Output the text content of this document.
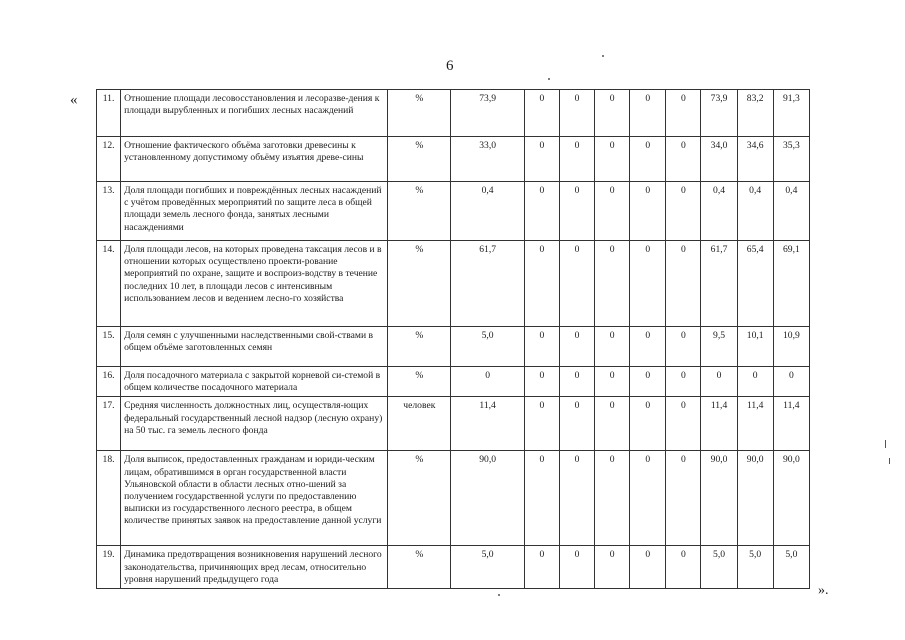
6
«
».
11.	Отношение площади лесовосстановления и лесоразве-дения к площади вырубленных и погибших лесных насаждений	%	73,9	0	0	0	0	0	73,9	83,2	91,3
12.	Отношение фактического объёма заготовки древесины к установленному допустимому объёму изъятия древе-сины	%	33,0	0	0	0	0	0	34,0	34,6	35,3
13.	Доля площади погибших и повреждённых лесных насаждений с учётом проведённых мероприятий по защите леса в общей площади земель лесного фонда, занятых лесными насаждениями	%	0,4	0	0	0	0	0	0,4	0,4	0,4
14.	Доля площади лесов, на которых проведена таксация лесов и в отношении которых осуществлено проекти-рование мероприятий по охране, защите и воспроиз-водству в течение последних 10 лет, в площади лесов с интенсивным использованием лесов и ведением лесно-го хозяйства	%	61,7	0	0	0	0	0	61,7	65,4	69,1
15.	Доля семян с улучшенными наследственными свой-ствами в общем объёме заготовленных семян	%	5,0	0	0	0	0	0	9,5	10,1	10,9
16.	Доля посадочного материала с закрытой корневой си-стемой в общем количестве посадочного материала	%	0	0	0	0	0	0	0	0	0
17.	Средняя численность должностных лиц, осуществля-ющих федеральный государственный лесной надзор (лесную охрану) на 50 тыс. га земель лесного фонда	человек	11,4	0	0	0	0	0	11,4	11,4	11,4
18.	Доля выписок, предоставленных гражданам и юриди-ческим лицам, обратившимся в орган государственной власти Ульяновской области в области лесных отно-шений за получением государственной услуги по предоставлению выписки из государственного лесного реестра, в общем количестве принятых заявок на предоставление данной услуги	%	90,0	0	0	0	0	0	90,0	90,0	90,0
19.	Динамика предотвращения возникновения нарушений лесного законодательства, причиняющих вред лесам, относительно уровня нарушений предыдущего года	%	5,0	0	0	0	0	0	5,0	5,0	5,0
